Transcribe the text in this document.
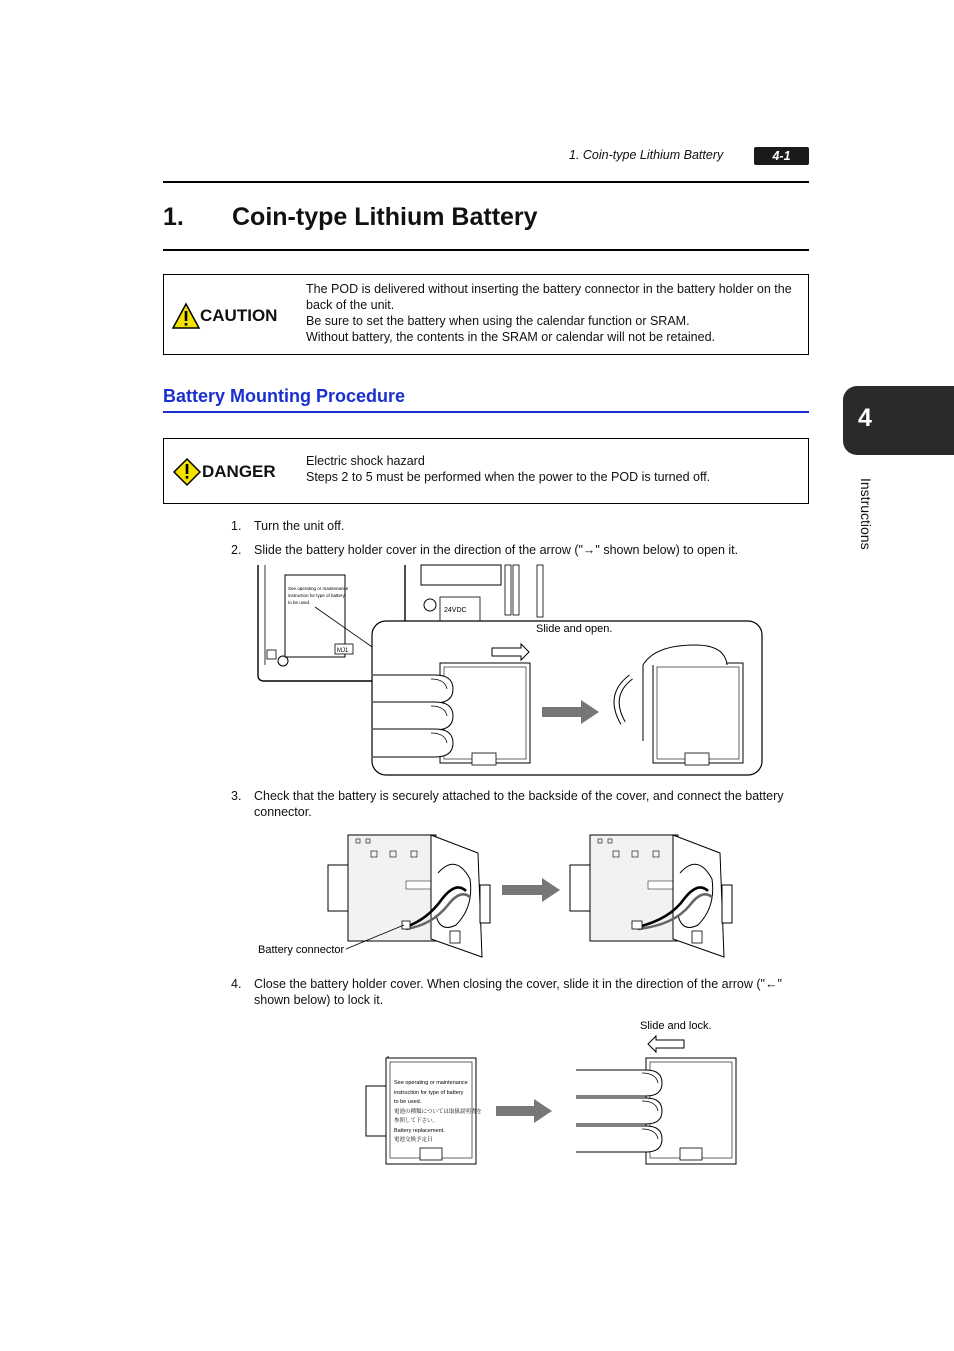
1. Coin-type Lithium Battery	4-1
4
Instructions
1. Coin-type Lithium Battery
CAUTION
The POD is delivered without inserting the battery connector in the battery holder on the
back of the unit.
Be sure to set the battery when using the calendar function or SRAM.
Without battery, the contents in the SRAM or calendar will not be retained.
Battery Mounting Procedure
DANGER
Electric shock hazard
Steps 2 to 5 must be performed when the power to the POD is turned off.
1. Turn the unit off.
2. Slide the battery holder cover in the direction of the arrow ("→" shown below) to open it.
See operating or maintenance instruction for type of battery to be used.
MJ1
24VDC
Slide and open.
3. Check that the battery is securely attached to the backside of the cover, and connect the battery
connector.
Battery connector
4. Close the battery holder cover. When closing the cover, slide it in the direction of the arrow ("←"
shown below) to lock it.
Slide and lock.
See operating or maintenance instruction for type of battery to be used. 電池の種類については取扱説明書を 参照して下さい。 Battery replacement. 電池交換予定日
